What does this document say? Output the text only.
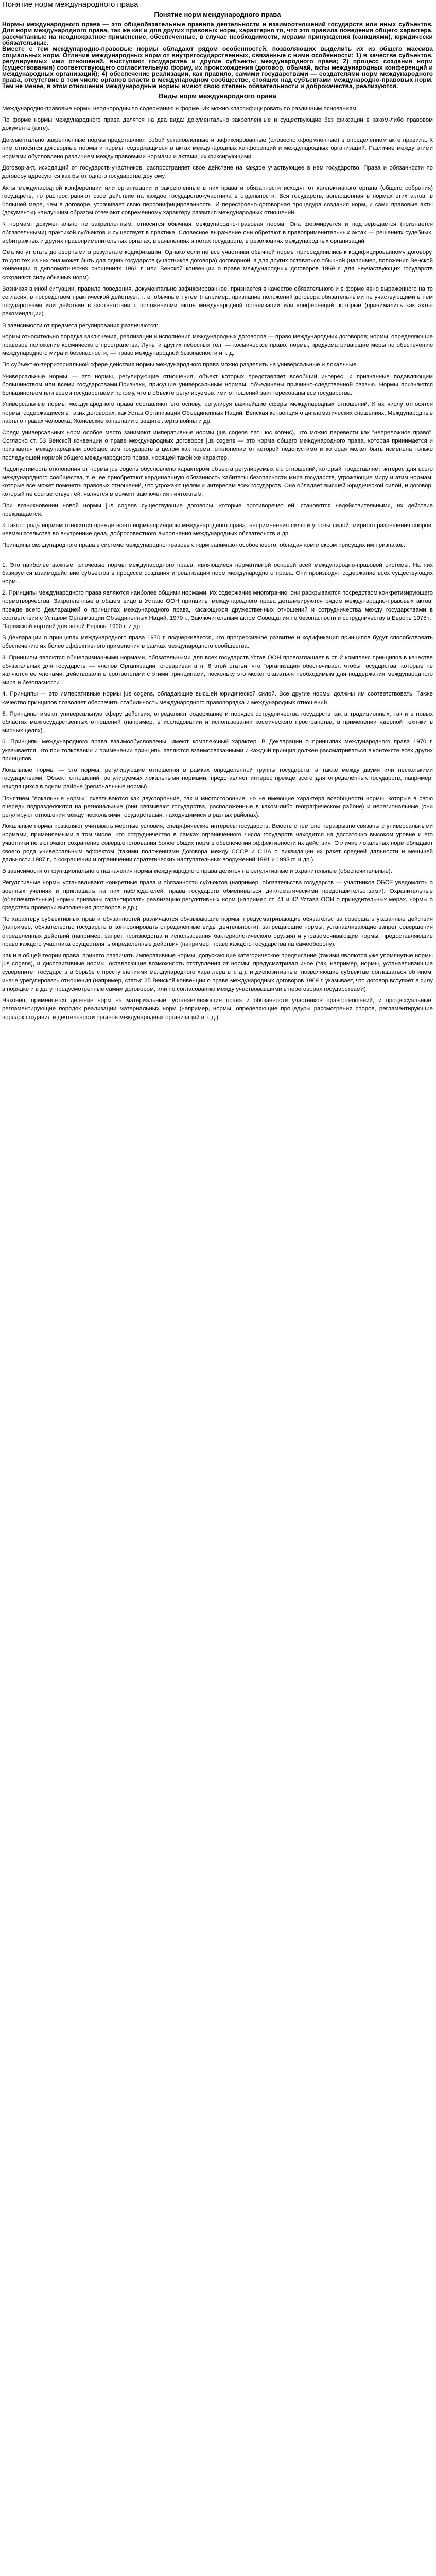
Понятие норм международного права
Понятие норм международного права

Нормы международного права — это общеобязательные правила деятельности и взаимоотношений государств или иных субъектов. Для норм международного права, так же как и для других правовых норм, характерно то, что это правила поведения общего характера, рассчитанные на неоднократное применение, обеспеченные, в случае необходимости, мерами принуждения (санкциями), юридически обязательные.

Вместе с тем международно-правовые нормы обладают рядом особенностей, позволяющих выделить их из общего массива социальных норм. Отличие международных норм от внутригосударственных, связанные с ними особенности: 1) в качестве субъектов, регулируемых ими отношений, выступают государства и другие субъекты международного права; 2) процесс создания норм (существования) соответствующего согласительную форму, их происхождения (договор, обычай, акты международных конференций и международных организаций); 4) обеспечение реализации, как правило, самими государствами — создателями норм международного права, отсутствие в том числе органов власти в международном сообществе, стоящих над субъектами международно-правовых норм. Тем не менее, в этом отношении международные нормы имеют свою степень обязательности и доброкачества, реализуются.

Виды норм международного права

Международно-правовые нормы неоднородны по содержанию и форме. Их можно классифицировать по различным основаниям.

По форме нормы международного права делятся на два вида: документально закрепленные и существующие без фиксации в каком-либо правовом документе (акте).

Документально закрепленные нормы представляют собой установленные и зафиксированные (словесно оформленные) в определенном акте правила. К ним относятся договорные нормы и нормы, содержащиеся в актах международных конференций и международных организаций. Различие между этими нормами обусловлено различием между правовыми нормами и актами, их фиксирующими.

Договор-акт, исходящий от государств-участников, распространяет свое действие на каждое участвующее в нем государство. Права и обязанности по договору адресуются как бы от одного государства другому.

Акты международной конференции или организации и закрепленные в них права и обязанности исходят от коллективного органа (общего собрания) государств, но распространяют свое действие на каждое государство-участника в отдельности. Вся государств, воплощенная в нормах этих актов, в большей мере, чем в договоре, утрачивает свою персонифицированность. И перестроено-договорная процедура создания норм, и сами правовые акты (документы) наилучшим образом отвечают современному характеру развития международных отношений.

К нормам, документально не закрепленным, относится обычная международно-правовая норма. Она формируется и подтверждается (признается обязательными) практикой субъектов и существует в практике. Словесное выражение они обретают в правоприменительных актах — решениях судебных, арбитражных и других правоприменительных органах, в заявлениях и нотах государств, в резолюциях международных организаций.

Ома могут стать договорными в результате кодификации. Однако если не все участники обычной нормы присоединились к кодифицированному договору, то для тех из них она может быть для одних государств (участников договора) договорной, а для других оставаться обычной (например, положения Венской конвенции о дипломатических сношениях 1961 г. или Венской конвенции о праве международных договоров 1969 г. для неучаствующих государств сохраняют силу обычных норм).

Возникая в иной ситуации, правило поведения, документально зафиксированное, признается в качестве обязательного и в форме явно выраженного на то согласия, в посредством практической действует, т. е. обычным путем (например, признание положений договора обязательными не участвующими в нем государствами или действие в соответствии с положениями актов международной организации или конференций, которые (принимались как акты-рекомендации).

В зависимости от предмета регулирования различаются:

нормы относительно порядка заключения, реализации и исполнения международных договоров — право международных договоров; нормы, определяющие правовое положение космического пространства. Луны и других небесных тел, — космическое право; нормы, предусматривающие меры по обеспечению международного мира и безопасности, — право международной безопасности и т. д.

По субъектно-территориальной сфере действия нормы международного права можно разделить на универсальные и локальные.

Универсальные нормы — это нормы, регулирующие отношения, объект которых представляет всеобщий интерес, и признанные подавляющим большинством или всеми государствами.Признаки, присущие универсальным нормам, объединены причинно-следственной связью. Нормы признаются большинством или всеми государствами потому, что в объекте регулируемых ими отношений заинтересованы все государства.

Универсальные нормы международного права составляют его основу, регулируя важнейшие сферы международных отношений. К их числу относятся нормы, содержащиеся в таких договорах, как Устав Организации Объединенных Наций, Венская конвенция о дипломатических сношениях, Международные пакты о правах человека, Женевские конвенции о защите жертв войны и др.

Среди универсальных норм особое место занимают императивные нормы (jus cogens лат.: юс когенс), что можно перевести как "непреложное право". Согласно ст. 53 Венской конвенции о праве международных договоров jus cogens — это норма общего международного права, которая принимается и признается международным сообществом государств в целом как норма, отклонение от которой недопустимо и которая может быть изменена только последующей нормой общего международного права, носящей такой же характер.

Недопустимость отклонения от нормы jus cogens обусловлено характером объекта регулируемых ею отношений, который представляет интерес для всего международного сообщества, т. е. ее приобретают кардинальную обязанность хабитаты безопасности мира государств, угрожающие миру и этим нормам, которые все может поменять правовых отношений, что угрожают целям и интересам всех государств. Она обладает высшей юридической силой, и договор, который не соответствует ей, является в момент заключения ничтожным.

При возникновении новой нормы jus cogens существующие договоры, которые противоречат ей, становятся недействительными, их действие прекращается.

К такого рода нормам относятся прежде всего нормы-принципы международного права: неприменения силы и угрозы силой, мирного разрешения споров, невмешательства во внутренние дела, добросовестного выполнения международных обязательств и др.

Принципы международного права в системе международно-правовых норм занимают особое место, обладая комплексом присущих им признаков:

1. Это наиболее важные, ключевые нормы международного права, являющиеся нормативной основой всей международно-правовой системы. На них базируется взаимодействие субъектов в процессе создания и реализации норм международного права. Они производят содержание всех существующих норм.

2. Принципы международного права являются наиболее общими нормами. Их содержание многогранно; они раскрываются посредством конкретизирующего нормотворчества. Закрепленные в общем виде в Уставе ООН принципы международного права детализируются рядом международно-правовых актов, прежде всего Декларацией о принципах международного права, касающихся дружественных отношений и сотрудничества между государствами в соответствии с Уставом Организации Объединенных Наций, 1970 г., Заключительным актом Совещания по безопасности и сотрудничеству в Европе 1975 г., Парижской хартией для новой Европы 1990 г. и др.

В Декларации о принципах международного права 1970 г. подчеркивается, что прогрессивное развитие и кодификация принципов будут способствовать обеспечению их более эффективного применения в рамках международного сообщества.

3. Принципы являются общепризнанными нормами, обязательными для всех государств.Устав ООН провозглашает в ст. 2 комплекс принципов в качестве обязательных для государств — членов Организации, оговаривая в п. 6 этой статьи, что "организация обеспечивает, чтобы государства, которые не являются ее членами, действовали в соответствии с этими принципами, поскольку это может оказаться необходимым для поддержания международного мира и безопасности".

4. Принципы — это императивные нормы jus cogens, обладающие высшей юридической силой. Все другие нормы должны им соответствовать. Также качество принципов позволяет обеспечить стабильность международного правопорядка и международных отношений.

5. Принципы имеют универсальную сферу действия, определяют содержание и порядок сотрудничества государств как в традиционных, так и в новых областях межгосударственных отношений (например, в исследовании и использовании космического пространства, в применении ядерной техники в мирных целях).

6. Принципы международного права взаимообусловлены, имеют комплексный характер. В Декларации о принципах международного права 1970 г. указывается, что при толковании и применении принципы являются взаимосвязанными и каждый принцип должен рассматриваться в контексте всех других принципов.

Локальные нормы — это нормы, регулирующие отношения в рамках определенной группы государств, а также между двумя или несколькими государствами. Объект отношений, регулируемых локальными нормами, представляет интерес прежде всего для определенных государств, например, находящихся в одном районе (региональные нормы).

Понятием "локальные нормы" охватываются как двусторонние, так и многосторонние, но не имеющие характера всеобщности нормы, которые в свою очередь подразделяются на региональные (они связывают государства, расположенные в каком-либо географическом районе) и нерегиональные (они регулируют отношения между несколькими государствами, находящимися в разных районах).

Локальные нормы позволяют учитывать местные условия, специфические интересы государств. Вместе с тем оно неразрывно связаны с универсальными нормами, применяемыми в том числе, что сотрудничество в рамках ограниченного числа государств находится на достаточно высоком уровне и его участники не включают сохранение совершенствования более общих норм в обеспечении эффективности их действия. Отличие локальных норм обладают своего рода универсальным эффектом (такими положениями Договора между СССР и США о ликвидации их ракет средней дальности и меньшей дальности 1987 г., о сокращении и ограничении стратегических наступательных вооружений 1991 и 1993 гг. и др.).

В зависимости от функционального назначения нормы международного права делятся на регулятивные и охранительные (обеспечительные).

Регулятивные нормы устанавливают конкретные права и обязанности субъектов (например, обязательства государств — участников ОБСЕ уведомлять о военных учениях и приглашать на них наблюдателей, права государств обмениваться дипломатическими представительствами). Охранительные (обеспечительные) нормы призваны гарантировать реализацию регулятивных норм (например ст. 41 и 42 Устава ООН о принудительных мерах, нормы о средствах проверки выполнения договоров и др.).

По характеру субъективных прав и обязанностей различаются обязывающие нормы, предусматривающие обязательства совершать указанные действия (например, обязательство государств в контролировать определенные виды деятельности), запрещающие нормы, устанавливающие запрет совершения определенных действий (например, запрет производства и использования бактериологического оружия) и управомочивающие нормы, предоставляющие право каждого участника осуществлять определенные действия (например, право каждого государства на самооборону).

Как и в общей теории права, принято различать императивные нормы, допускающие категорическое предписание (такими являются уже упомянутые нормы jus cogens), и диспозитивные нормы, оставляющие возможность отступления от нормы, предусматривая иное (так, например, нормы, устанавливающие суверенитет государств в борьбе с преступлениями международного характера в т. д.), и диспозитивные, позволяющие субъектам соглашаться об ином, иначе урегулировать отношения (например, статья 25 Венской конвенции о праве международных договоров 1969 г. указывает, что договор вступает в силу в порядке и в дату, предусмотренные самим договором, или по согласованию между участвовавшими в переговорах государствами).

Наконец, применяется деление норм на материальные, устанавливающие права и обязанности участников правоотношений, и процессуальные, регламентирующие порядок реализации материальных норм (например, нормы, определяющие процедуры рассмотрения споров, регламентирующие порядок создания и деятельности органов международных организаций и т. д.).
